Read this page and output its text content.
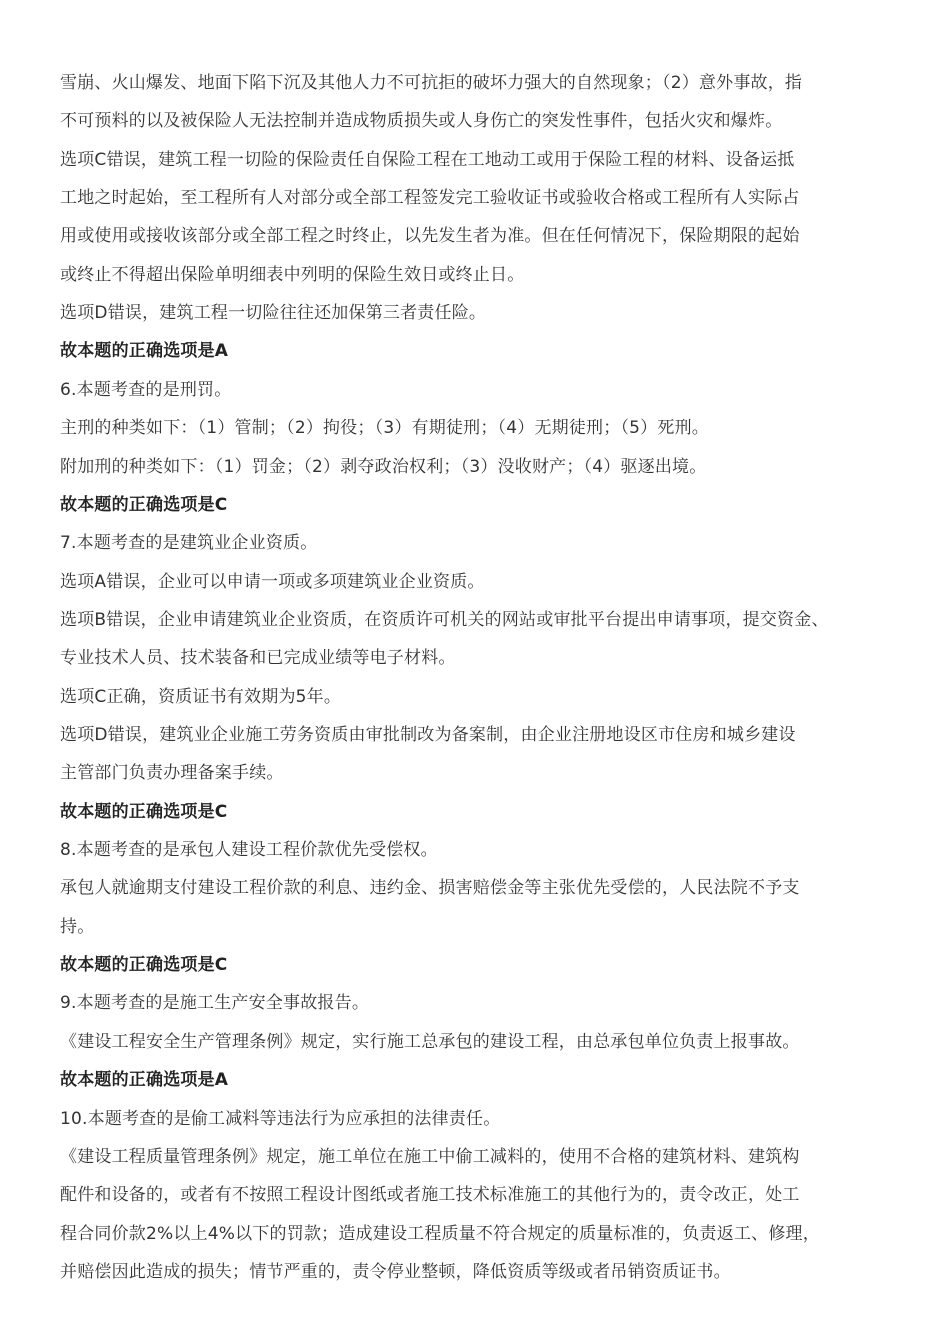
雪崩、火山爆发、地面下陷下沉及其他人力不可抗拒的破坏力强大的自然现象；（2）意外事故，指
不可预料的以及被保险人无法控制并造成物质损失或人身伤亡的突发性事件，包括火灾和爆炸。
选项C错误，建筑工程一切险的保险责任自保险工程在工地动工或用于保险工程的材料、设备运抵
工地之时起始，至工程所有人对部分或全部工程签发完工验收证书或验收合格或工程所有人实际占
用或使用或接收该部分或全部工程之时终止，以先发生者为准。但在任何情况下，保险期限的起始
或终止不得超出保险单明细表中列明的保险生效日或终止日。
选项D错误，建筑工程一切险往往还加保第三者责任险。
故本题的正确选项是A
6.本题考查的是刑罚。
主刑的种类如下：（1）管制；（2）拘役；（3）有期徒刑；（4）无期徒刑；（5）死刑。
附加刑的种类如下：（1）罚金；（2）剥夺政治权利；（3）没收财产；（4）驱逐出境。
故本题的正确选项是C
7.本题考查的是建筑业企业资质。
选项A错误，企业可以申请一项或多项建筑业企业资质。
选项B错误，企业申请建筑业企业资质，在资质许可机关的网站或审批平台提出申请事项，提交资金、
专业技术人员、技术装备和已完成业绩等电子材料。
选项C正确，资质证书有效期为5年。
选项D错误，建筑业企业施工劳务资质由审批制改为备案制，由企业注册地设区市住房和城乡建设
主管部门负责办理备案手续。
故本题的正确选项是C
8.本题考查的是承包人建设工程价款优先受偿权。
承包人就逾期支付建设工程价款的利息、违约金、损害赔偿金等主张优先受偿的，人民法院不予支
持。
故本题的正确选项是C
9.本题考查的是施工生产安全事故报告。
《建设工程安全生产管理条例》规定，实行施工总承包的建设工程，由总承包单位负责上报事故。
故本题的正确选项是A
10.本题考查的是偷工减料等违法行为应承担的法律责任。
《建设工程质量管理条例》规定，施工单位在施工中偷工减料的，使用不合格的建筑材料、建筑构
配件和设备的，或者有不按照工程设计图纸或者施工技术标准施工的其他行为的，责令改正，处工
程合同价款2%以上4%以下的罚款；造成建设工程质量不符合规定的质量标准的，负责返工、修理，
并赔偿因此造成的损失；情节严重的，责令停业整顿，降低资质等级或者吊销资质证书。
